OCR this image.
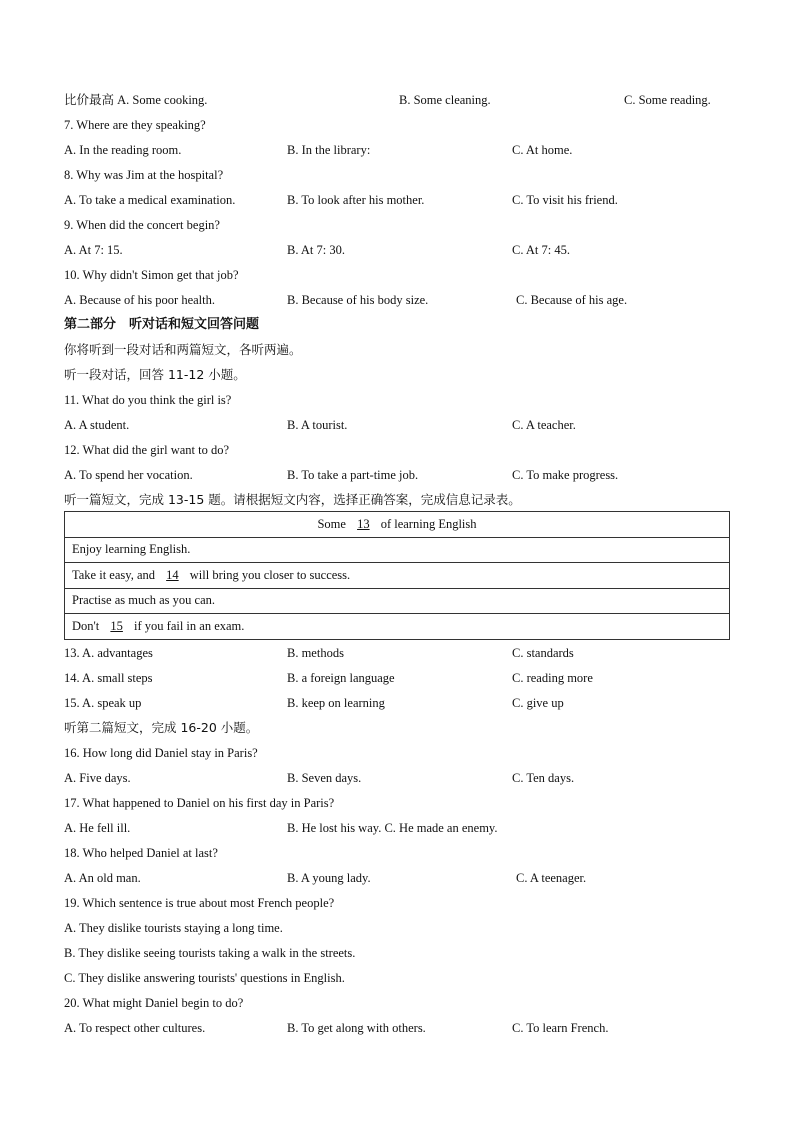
比价最高 A. Some cooking.	B. Some cleaning.	C. Some reading.
7. Where are they speaking?
A. In the reading room.	B. In the library:	C. At home.
8. Why was Jim at the hospital?
A. To take a medical examination.	B. To look after his mother.	C. To visit his friend.
9. When did the concert begin?
A. At 7: 15.	B. At 7: 30.	C. At 7: 45.
10. Why didn't Simon get that job?
A. Because of his poor health.	B. Because of his body size.	C. Because of his age.
第二部分　听对话和短文回答问题
你将听到一段对话和两篇短文，各听两遍。
听一段对话，回答 11-12 小题。
11. What do you think the girl is?
A. A student.	B. A tourist.	C. A teacher.
12. What did the girl want to do?
A. To spend her vocation.	B. To take a part-time job.	C. To make progress.
听一篇短文，完成 13-15 题。请根据短文内容，选择正确答案，完成信息记录表。
Some 13 of learning English
Enjoy learning English.
Take it easy, and 14 will bring you closer to success.
Practise as much as you can.
Don't 15 if you fail in an exam.
13. A. advantages	B. methods	C. standards
14. A. small steps	B. a foreign language	C. reading more
15. A. speak up	B. keep on learning	C. give up
听第二篇短文，完成 16-20 小题。
16. How long did Daniel stay in Paris?
A. Five days.	B. Seven days.	C. Ten days.
17. What happened to Daniel on his first day in Paris?
A. He fell ill.	B. He lost his way. C. He made an enemy.
18. Who helped Daniel at last?
A. An old man.	B. A young lady.	C. A teenager.
19. Which sentence is true about most French people?
A. They dislike tourists staying a long time.
B. They dislike seeing tourists taking a walk in the streets.
C. They dislike answering tourists' questions in English.
20. What might Daniel begin to do?
A. To respect other cultures.	B. To get along with others.	C. To learn French.
